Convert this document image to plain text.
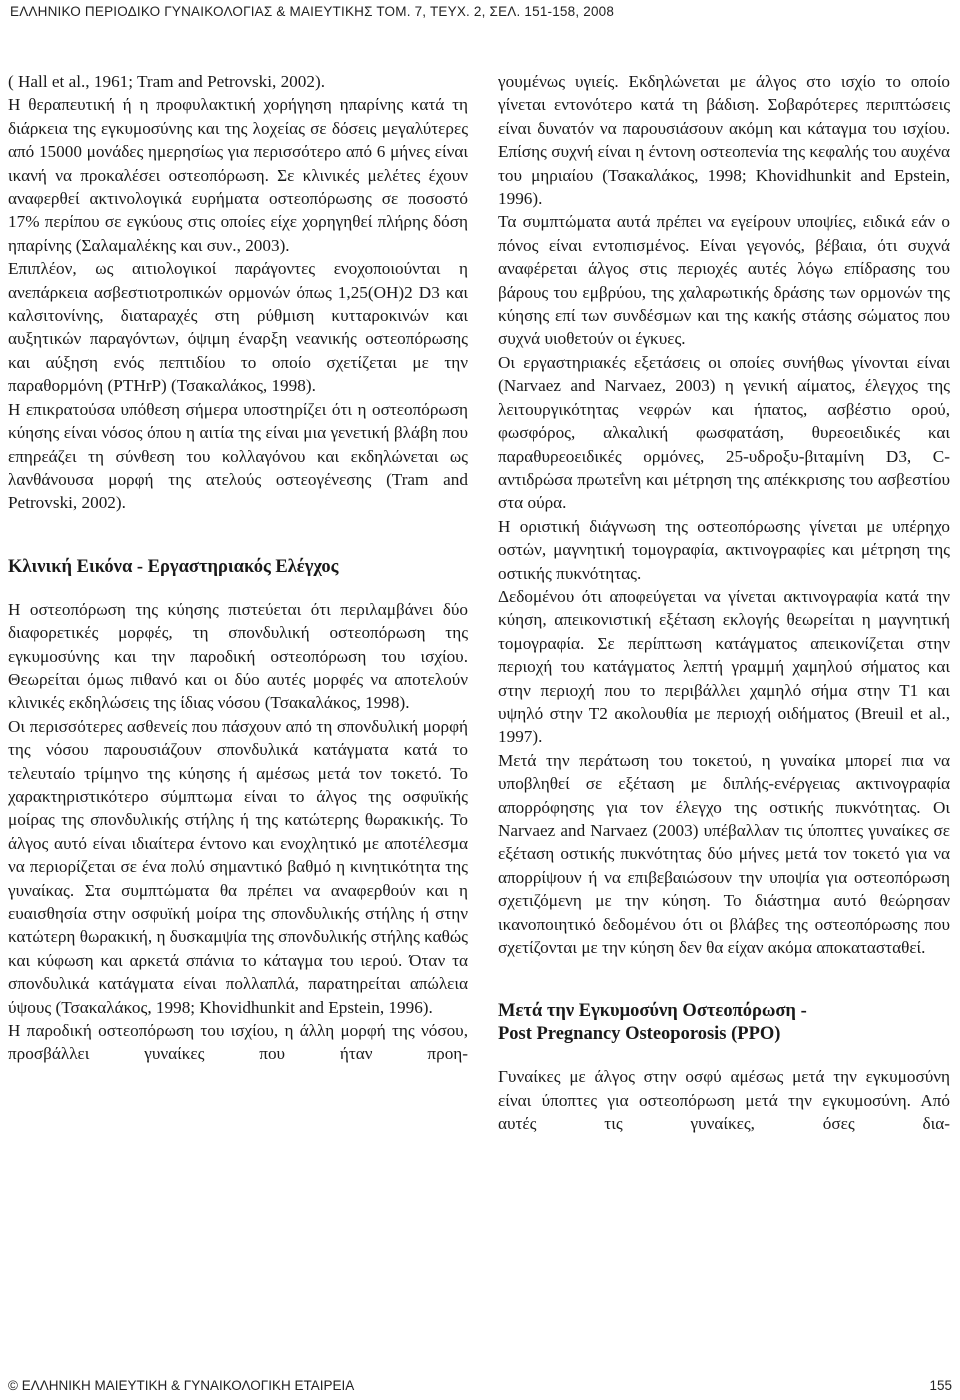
ΕΛΛΗΝΙΚΟ ΠΕΡΙΟΔΙΚΟ ΓΥΝΑΙΚΟΛΟΓΙΑΣ & ΜΑΙΕΥΤΙΚΗΣ ΤΟΜ. 7, ΤΕΥΧ. 2, ΣΕΛ. 151-158, 2008

( Hall et al., 1961; Tram and Petrovski, 2002).

Η θεραπευτική ή η προφυλακτική χορήγηση ηπαρίνης κατά τη διάρκεια της εγκυμοσύνης και της λοχείας σε δόσεις μεγαλύτερες από 15000 μονάδες ημερησίως για περισσότερο από 6 μήνες είναι ικανή να προκαλέσει οστεοπόρωση. Σε κλινικές μελέτες έχουν αναφερθεί ακτινολογικά ευρήματα οστεοπόρωσης σε ποσοστό 17% περίπου σε εγκύους στις οποίες είχε χορηγηθεί πλήρης δόση ηπαρίνης (Σαλαμαλέκης και συν., 2003).

Επιπλέον, ως αιτιολογικοί παράγοντες ενοχοποιούνται η ανεπάρκεια ασβεστιοτροπικών ορμονών όπως 1,25(OH)2 D3 και καλσιτονίνης, διαταραχές στη ρύθμιση κυτταροκινών και αυξητικών παραγόντων, όψιμη έναρξη νεανικής οστεοπόρωσης και αύξηση ενός πεπτιδίου το οποίο σχετίζεται με την παραθορμόνη (PTHrP) (Τσακαλάκος, 1998).

Η επικρατούσα υπόθεση σήμερα υποστηρίζει ότι η οστεοπόρωση κύησης είναι νόσος όπου η αιτία της είναι μια γενετική βλάβη που επηρεάζει τη σύνθεση του κολλαγόνου και εκδηλώνεται ως λανθάνουσα μορφή της ατελούς οστεογένεσης (Tram and Petrovski, 2002).

Κλινική Εικόνα - Εργαστηριακός Ελέγχος

Η οστεοπόρωση της κύησης πιστεύεται ότι περιλαμβάνει δύο διαφορετικές μορφές, τη σπονδυλική οστεοπόρωση της εγκυμοσύνης και την παροδική οστεοπόρωση του ισχίου. Θεωρείται όμως πιθανό και οι δύο αυτές μορφές να αποτελούν κλινικές εκδηλώσεις της ίδιας νόσου (Τσακαλάκος, 1998).

Οι περισσότερες ασθενείς που πάσχουν από τη σπονδυλική μορφή της νόσου παρουσιάζουν σπονδυλικά κατάγματα κατά το τελευταίο τρίμηνο της κύησης ή αμέσως μετά τον τοκετό. Το χαρακτηριστικότερο σύμπτωμα είναι το άλγος της οσφυϊκής μοίρας της σπονδυλικής στήλης ή της κατώτερης θωρακικής. Το άλγος αυτό είναι ιδιαίτερα έντονο και ενοχλητικό με αποτέλεσμα να περιορίζεται σε ένα πολύ σημαντικό βαθμό η κινητικότητα της γυναίκας. Στα συμπτώματα θα πρέπει να αναφερθούν και η ευαισθησία στην οσφυϊκή μοίρα της σπονδυλικής στήλης ή στην κατώτερη θωρακική, η δυσκαμψία της σπονδυλικής στήλης καθώς και κύφωση και αρκετά σπάνια το κάταγμα του ιερού. Όταν τα σπονδυλικά κατάγματα είναι πολλαπλά, παρατηρείται απώλεια ύψους (Τσακαλάκος, 1998; Khovidhunkit and Epstein, 1996).

Η παροδική οστεοπόρωση του ισχίου, η άλλη μορφή της νόσου, προσβάλλει γυναίκες που ήταν προη-

γουμένως υγιείς. Εκδηλώνεται με άλγος στο ισχίο το οποίο γίνεται εντονότερο κατά τη βάδιση. Σοβαρότερες περιπτώσεις είναι δυνατόν να παρουσιάσουν ακόμη και κάταγμα του ισχίου. Επίσης συχνή είναι η έντονη οστεοπενία της κεφαλής του αυχένα του μηριαίου (Τσακαλάκος, 1998; Khovidhunkit and Epstein, 1996).

Τα συμπτώματα αυτά πρέπει να εγείρουν υποψίες, ειδικά εάν ο πόνος είναι εντοπισμένος. Είναι γεγονός, βέβαια, ότι συχνά αναφέρεται άλγος στις περιοχές αυτές λόγω επίδρασης του βάρους του εμβρύου, της χαλαρωτικής δράσης των ορμονών της κύησης επί των συνδέσμων και της κακής στάσης σώματος που συχνά υιοθετούν οι έγκυες.

Οι εργαστηριακές εξετάσεις οι οποίες συνήθως γίνονται είναι (Narvaez and Narvaez, 2003) η γενική αίματος, έλεγχος της λειτουργικότητας νεφρών και ήπατος, ασβέστιο ορού, φωσφόρος, αλκαλική φωσφατάση, θυρεοειδικές και παραθυρεοειδικές ορμόνες, 25-υδροξυ-βιταμίνη D3, C-αντιδρώσα πρωτεΐνη και μέτρηση της απέκκρισης του ασβεστίου στα ούρα.

Η οριστική διάγνωση της οστεοπόρωσης γίνεται με υπέρηχο οστών, μαγνητική τομογραφία, ακτινογραφίες και μέτρηση της οστικής πυκνότητας.

Δεδομένου ότι αποφεύγεται να γίνεται ακτινογραφία κατά την κύηση, απεικονιστική εξέταση εκλογής θεωρείται η μαγνητική τομογραφία. Σε περίπτωση κατάγματος απεικονίζεται στην περιοχή του κατάγματος λεπτή γραμμή χαμηλού σήματος και στην περιοχή που το περιβάλλει χαμηλό σήμα στην Τ1 και υψηλό στην Τ2 ακολουθία με περιοχή οιδήματος (Breuil et al., 1997).

Μετά την περάτωση του τοκετού, η γυναίκα μπορεί πια να υποβληθεί σε εξέταση με διπλής-ενέργειας ακτινογραφία απορρόφησης για τον έλεγχο της οστικής πυκνότητας. Οι Narvaez and Narvaez (2003) υπέβαλλαν τις ύποπτες γυναίκες σε εξέταση οστικής πυκνότητας δύο μήνες μετά τον τοκετό για να απορρίψουν ή να επιβεβαιώσουν την υποψία για οστεοπόρωση σχετιζόμενη με την κύηση. Το διάστημα αυτό θεώρησαν ικανοποιητικό δεδομένου ότι οι βλάβες της οστεοπόρωσης που σχετίζονται με την κύηση δεν θα είχαν ακόμα αποκατασταθεί.

Μετά την Εγκυμοσύνη Οστεοπόρωση -
Post Pregnancy Osteoporosis (PPO)

Γυναίκες με άλγος στην οσφύ αμέσως μετά την εγκυμοσύνη είναι ύποπτες για οστεοπόρωση μετά την εγκυμοσύνη. Από αυτές τις γυναίκες, όσες δια-

© ΕΛΛΗΝΙΚΗ ΜΑΙΕΥΤΙΚΗ & ΓΥΝΑΙΚΟΛΟΓΙΚΗ ΕΤΑΙΡΕΙΑ	155
